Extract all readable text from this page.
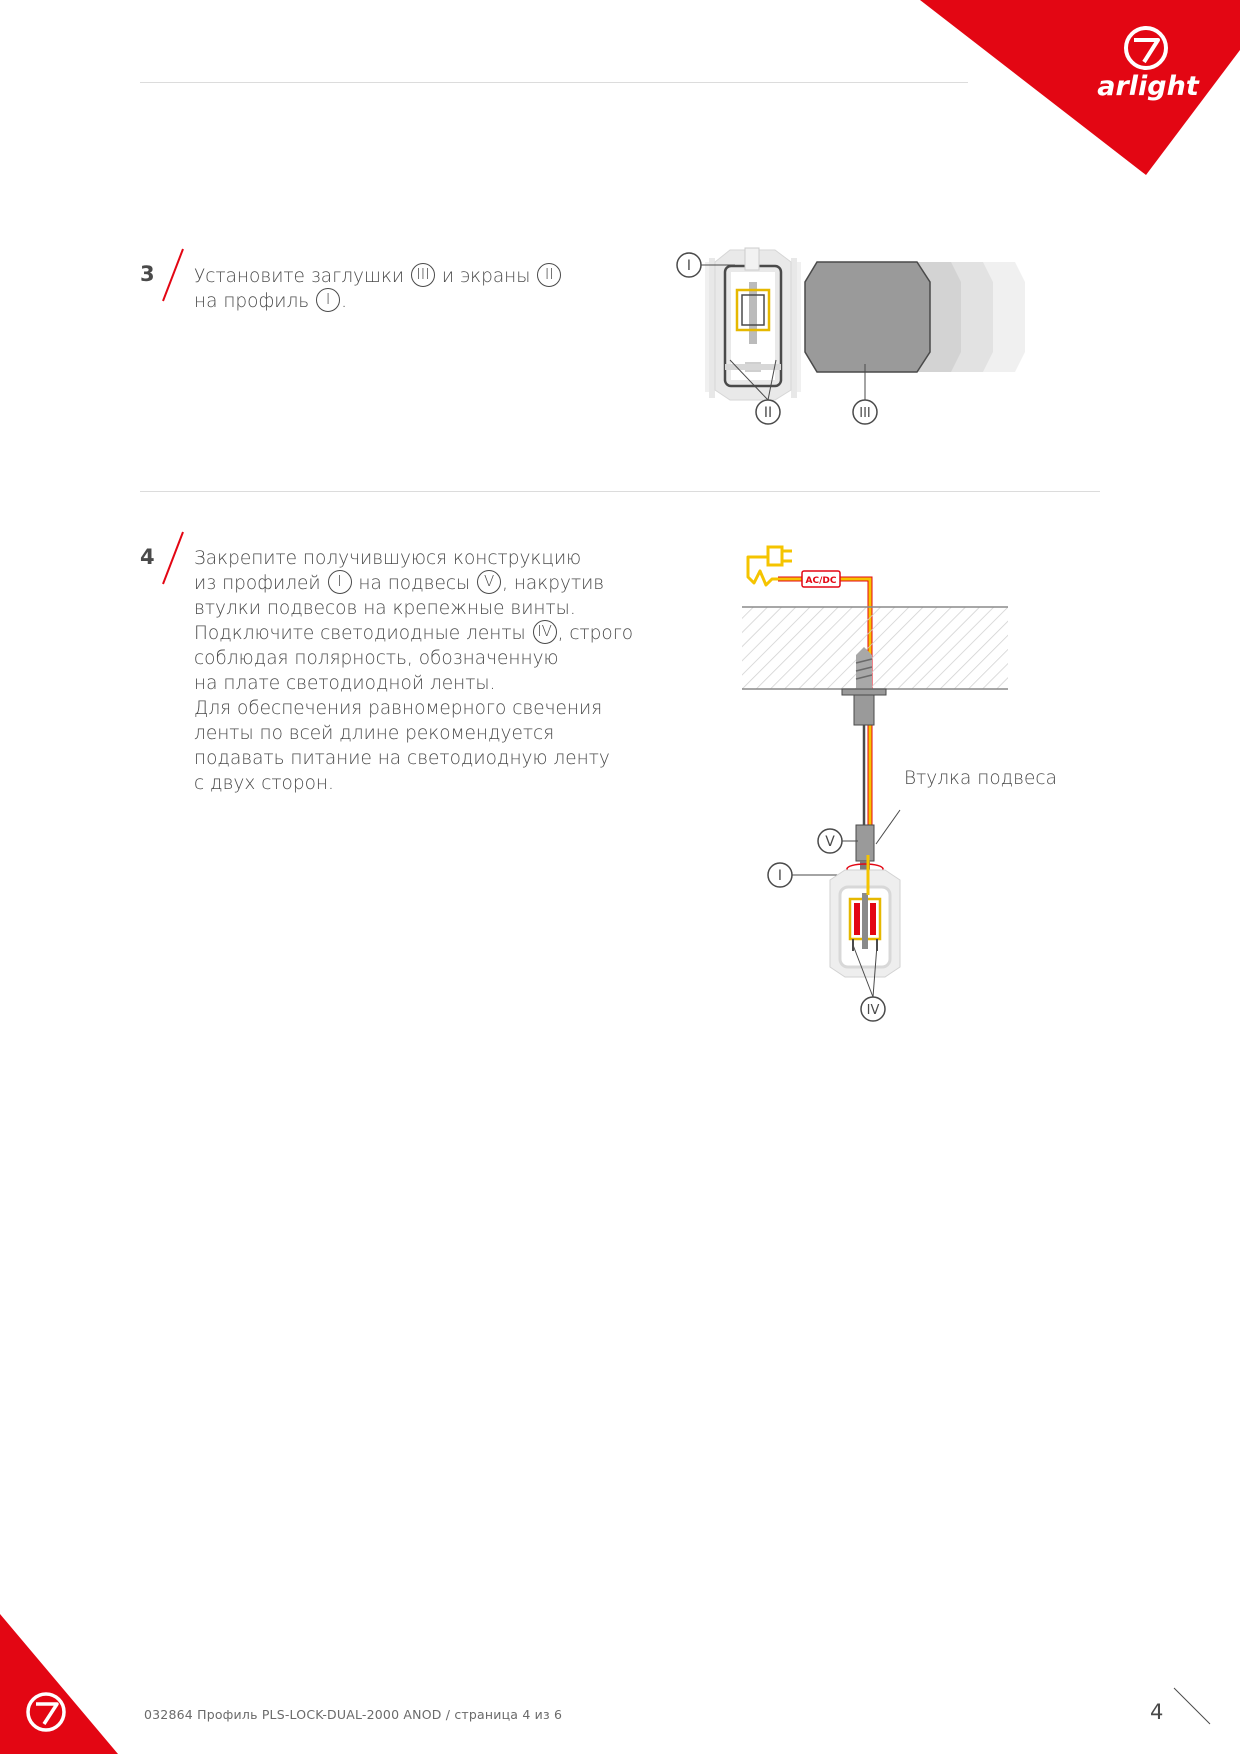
arlight
3 Установите заглушки III и экраны II
на профиль I .
I
II	III
4 Закрепите получившуюся конструкцию
из профилей I на подвесы V , накрутив
втулки подвесов на крепежные винты.
Подключите светодиодные ленты IV , строго
соблюдая полярность, обозначенную
на плате светодиодной ленты.
Для обеспечения равномерного свечения
ленты по всей длине рекомендуется
подавать питание на светодиодную ленту
с двух сторон.
AC/DC
V
I
IV
Втулка подвеса
032864 Профиль PLS-LOCK-DUAL-2000 ANOD / страница 4 из 6	4
